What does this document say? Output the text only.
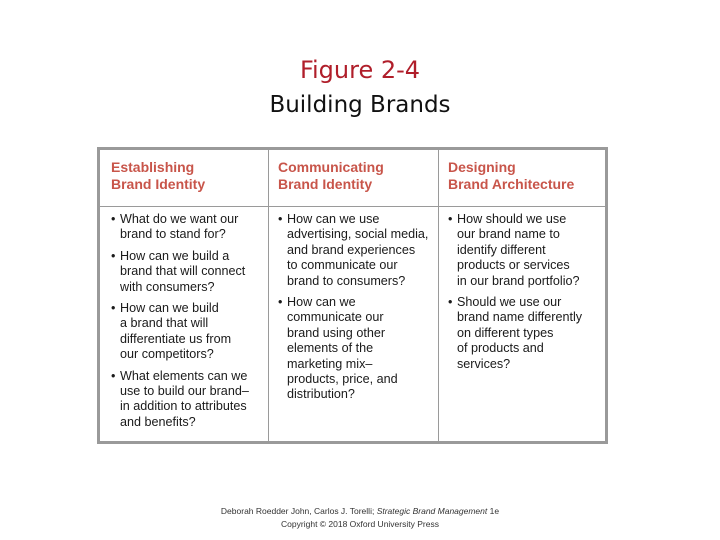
Figure 2-4
Building Brands
Establishing
Brand Identity
Communicating
Brand Identity
Designing
Brand Architecture
• What do we want our
brand to stand for?
• How can we build a
brand that will connect
with consumers?
• How can we build
a brand that will
differentiate us from
our competitors?
• What elements can we
use to build our brand–
in addition to attributes
and benefits?
• How can we use
advertising, social media,
and brand experiences
to communicate our
brand to consumers?
• How can we
communicate our
brand using other
elements of the
marketing mix–
products, price, and
distribution?
• How should we use
our brand name to
identify different
products or services
in our brand portfolio?
• Should we use our
brand name differently
on different types
of products and
services?
Deborah Roedder John, Carlos J. Torelli; Strategic Brand Management 1e
Copyright © 2018 Oxford University Press
